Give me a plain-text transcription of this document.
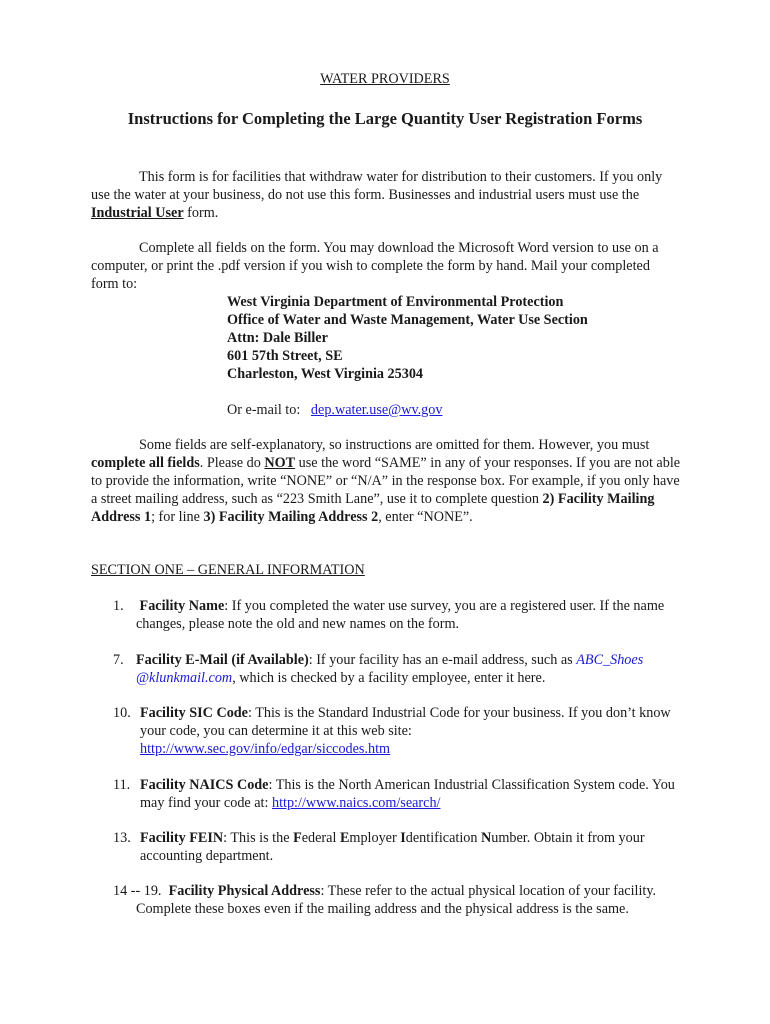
WATER PROVIDERS
Instructions for Completing the Large Quantity User Registration Forms
This form is for facilities that withdraw water for distribution to their customers. If you only use the water at your business, do not use this form. Businesses and industrial users must use the Industrial User form.
Complete all fields on the form. You may download the Microsoft Word version to use on a computer, or print the .pdf version if you wish to complete the form by hand. Mail your completed form to:
West Virginia Department of Environmental Protection
Office of Water and Waste Management, Water Use Section
Attn: Dale Biller
601 57th Street, SE
Charleston, West Virginia 25304
Or e-mail to: dep.water.use@wv.gov
Some fields are self-explanatory, so instructions are omitted for them. However, you must complete all fields. Please do NOT use the word “SAME” in any of your responses. If you are not able to provide the information, write “NONE” or “N/A” in the response box. For example, if you only have a street mailing address, such as “223 Smith Lane”, use it to complete question 2) Facility Mailing Address 1; for line 3) Facility Mailing Address 2, enter “NONE”.
SECTION ONE – GENERAL INFORMATION
1. Facility Name: If you completed the water use survey, you are a registered user. If the name changes, please note the old and new names on the form.
7. Facility E-Mail (if Available): If your facility has an e-mail address, such as ABC_Shoes @klunkmail.com, which is checked by a facility employee, enter it here.
10. Facility SIC Code: This is the Standard Industrial Code for your business. If you don’t know your code, you can determine it at this web site:
http://www.sec.gov/info/edgar/siccodes.htm
11. Facility NAICS Code: This is the North American Industrial Classification System code. You may find your code at: http://www.naics.com/search/
13. Facility FEIN: This is the Federal Employer Identification Number. Obtain it from your accounting department.
14 -- 19. Facility Physical Address: These refer to the actual physical location of your facility. Complete these boxes even if the mailing address and the physical address is the same.
